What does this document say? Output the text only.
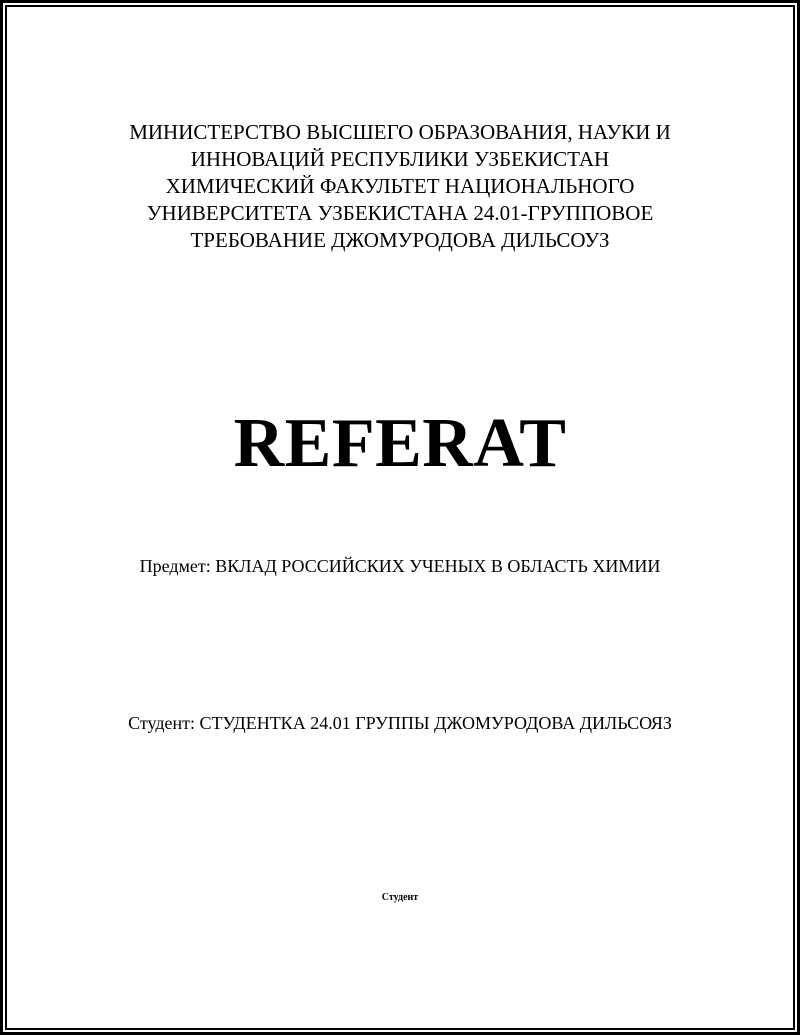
МИНИСТЕРСТВО ВЫСШЕГО ОБРАЗОВАНИЯ, НАУКИ И
ИННОВАЦИЙ РЕСПУБЛИКИ УЗБЕКИСТАН
ХИМИЧЕСКИЙ ФАКУЛЬТЕТ НАЦИОНАЛЬНОГО
УНИВЕРСИТЕТА УЗБЕКИСТАНА 24.01-ГРУППОВОЕ
ТРЕБОВАНИЕ ДЖОМУРОДОВА ДИЛЬСОУЗ
REFERAT
Предмет: ВКЛАД РОССИЙСКИХ УЧЕНЫХ В ОБЛАСТЬ ХИМИИ
Студент: СТУДЕНТКА 24.01 ГРУППЫ ДЖОМУРОДОВА ДИЛЬСОЯЗ
Студент
